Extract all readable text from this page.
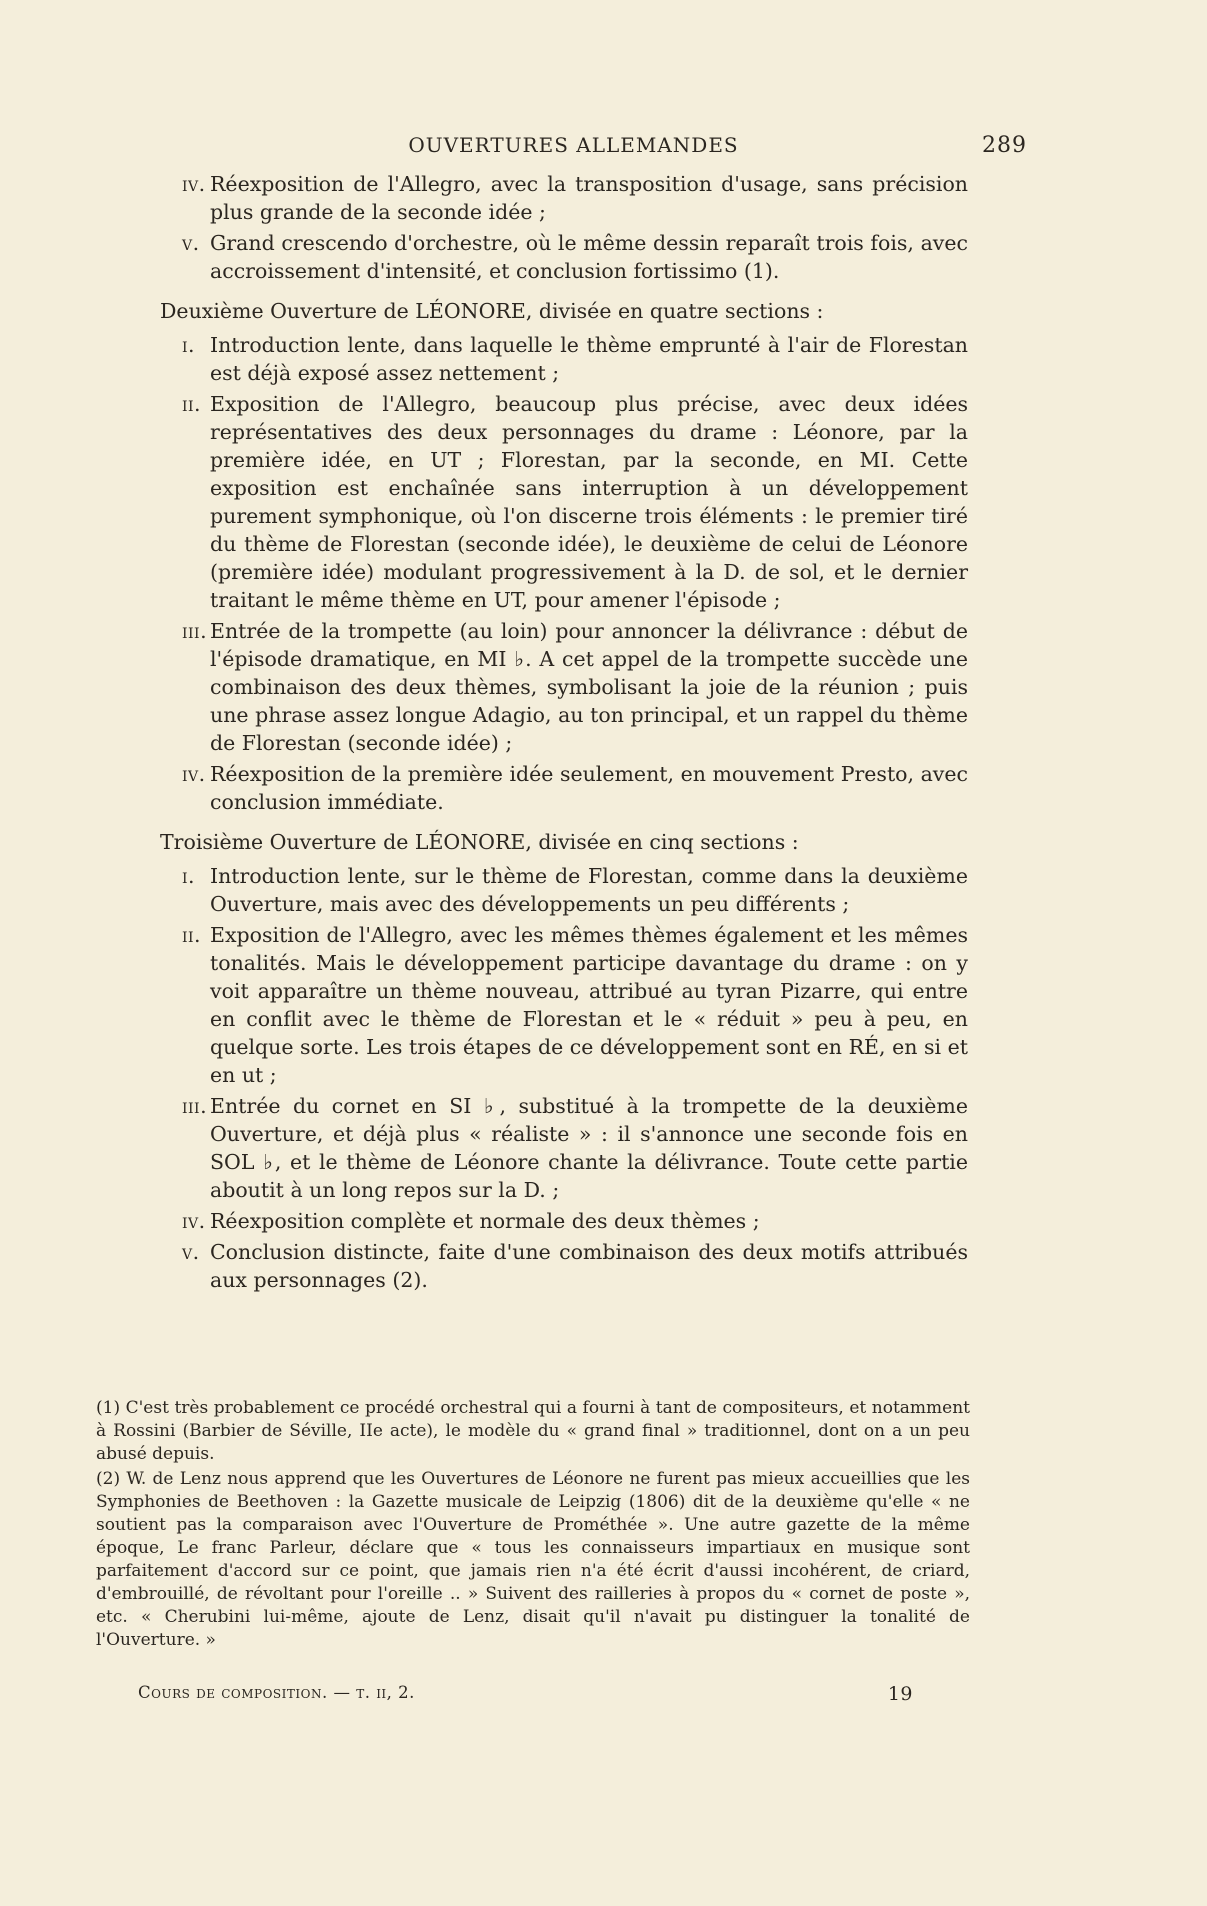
OUVERTURES ALLEMANDES	289
iv. Réexposition de l'Allegro, avec la transposition d'usage, sans précision plus grande de la seconde idée ;
v. Grand crescendo d'orchestre, où le même dessin reparaît trois fois, avec accroissement d'intensité, et conclusion fortissimo (1).
Deuxième Ouverture de LÉONORE, divisée en quatre sections :
i. Introduction lente, dans laquelle le thème emprunté à l'air de Florestan est déjà exposé assez nettement ;
ii. Exposition de l'Allegro, beaucoup plus précise, avec deux idées représentatives des deux personnages du drame : Léonore, par la première idée, en UT ; Florestan, par la seconde, en MI. Cette exposition est enchaînée sans interruption à un développement purement symphonique, où l'on discerne trois éléments : le premier tiré du thème de Florestan (seconde idée), le deuxième de celui de Léonore (première idée) modulant progressivement à la D. de sol, et le dernier traitant le même thème en UT, pour amener l'épisode ;
iii. Entrée de la trompette (au loin) pour annoncer la délivrance : début de l'épisode dramatique, en MI ♭. A cet appel de la trompette succède une combinaison des deux thèmes, symbolisant la joie de la réunion ; puis une phrase assez longue Adagio, au ton principal, et un rappel du thème de Florestan (seconde idée) ;
iv. Réexposition de la première idée seulement, en mouvement Presto, avec conclusion immédiate.
Troisième Ouverture de LÉONORE, divisée en cinq sections :
i. Introduction lente, sur le thème de Florestan, comme dans la deuxième Ouverture, mais avec des développements un peu différents ;
ii. Exposition de l'Allegro, avec les mêmes thèmes également et les mêmes tonalités. Mais le développement participe davantage du drame : on y voit apparaître un thème nouveau, attribué au tyran Pizarre, qui entre en conflit avec le thème de Florestan et le « réduit » peu à peu, en quelque sorte. Les trois étapes de ce développement sont en RÉ, en si et en ut ;
iii. Entrée du cornet en SI ♭, substitué à la trompette de la deuxième Ouverture, et déjà plus « réaliste » : il s'annonce une seconde fois en SOL ♭, et le thème de Léonore chante la délivrance. Toute cette partie aboutit à un long repos sur la D. ;
iv. Réexposition complète et normale des deux thèmes ;
v. Conclusion distincte, faite d'une combinaison des deux motifs attribués aux personnages (2).
(1) C'est très probablement ce procédé orchestral qui a fourni à tant de compositeurs, et notamment à Rossini (Barbier de Séville, IIe acte), le modèle du « grand final » traditionnel, dont on a un peu abusé depuis.
(2) W. de Lenz nous apprend que les Ouvertures de Léonore ne furent pas mieux accueillies que les Symphonies de Beethoven : la Gazette musicale de Leipzig (1806) dit de la deuxième qu'elle « ne soutient pas la comparaison avec l'Ouverture de Prométhée ». Une autre gazette de la même époque, Le franc Parleur, déclare que « tous les connaisseurs impartiaux en musique sont parfaitement d'accord sur ce point, que jamais rien n'a été écrit d'aussi incohérent, de criard, d'embrouillé, de révoltant pour l'oreille .. » Suivent des railleries à propos du « cornet de poste », etc. « Cherubini lui-même, ajoute de Lenz, disait qu'il n'avait pu distinguer la tonalité de l'Ouverture. »
Cours de composition. — t. ii, 2.	19
